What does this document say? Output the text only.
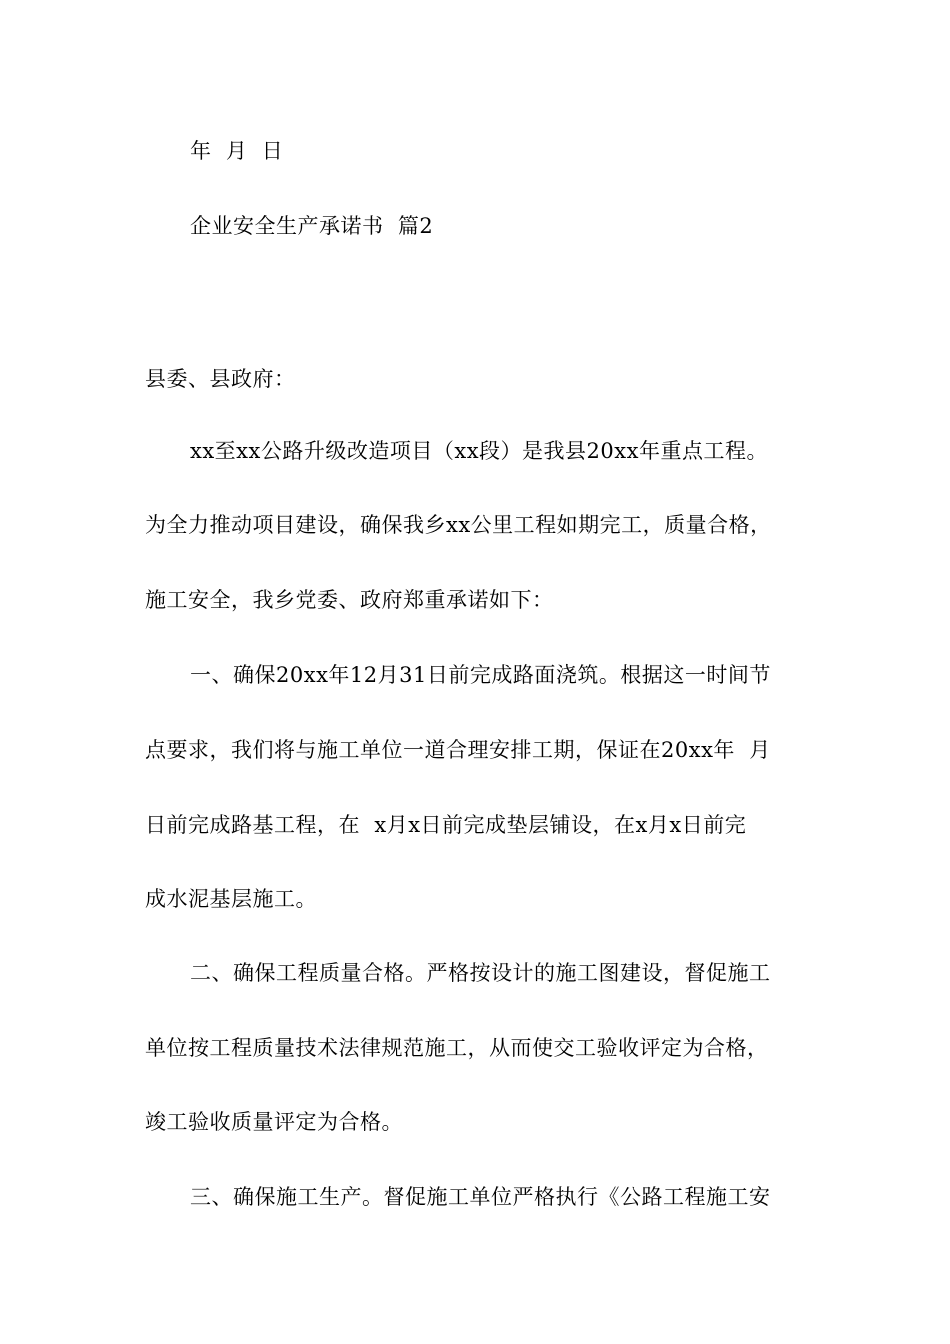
年  月  日
企业安全生产承诺书  篇2
县委、县政府：
xx至xx公路升级改造项目（xx段）是我县20xx年重点工程。
为全力推动项目建设，确保我乡xx公里工程如期完工，质量合格，
施工安全，我乡党委、政府郑重承诺如下：
一、确保20xx年12月31日前完成路面浇筑。根据这一时间节
点要求，我们将与施工单位一道合理安排工期，保证在20xx年  月
日前完成路基工程，在  x月x日前完成垫层铺设，在x月x日前完
成水泥基层施工。
二、确保工程质量合格。严格按设计的施工图建设，督促施工
单位按工程质量技术法律规范施工，从而使交工验收评定为合格，
竣工验收质量评定为合格。
三、确保施工生产。督促施工单位严格执行《公路工程施工安
